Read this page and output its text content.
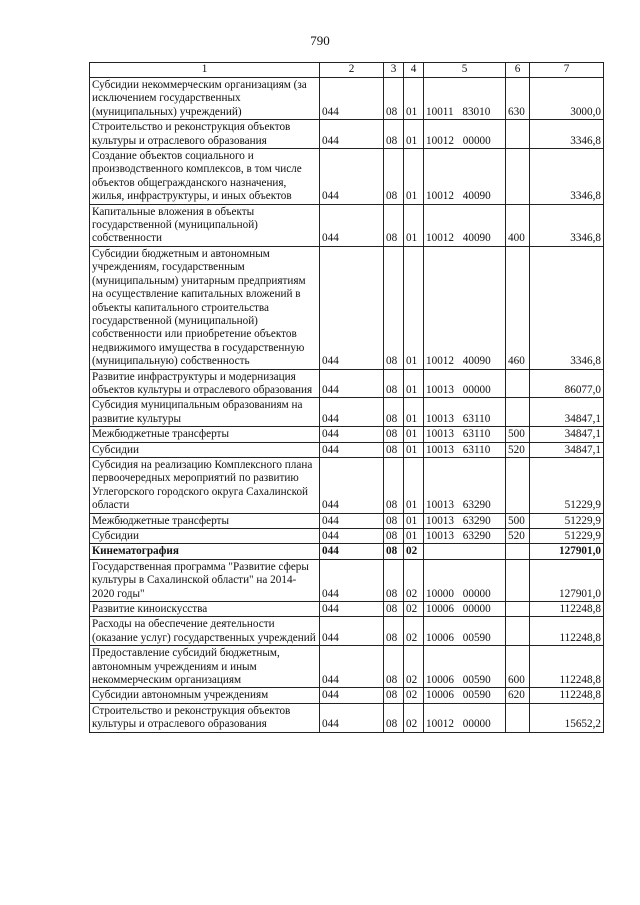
790
1	2	3	4	5	6	7
Субсидии некоммерческим организациям (за исключением государственных (муниципальных) учреждений)	044	08	01	10011 83010	630	3000,0
Строительство и реконструкция объектов культуры и отраслевого образования	044	08	01	10012 00000		3346,8
Создание объектов социального и производственного комплексов, в том числе объектов общегражданского назначения, жилья, инфраструктуры, и иных объектов	044	08	01	10012 40090		3346,8
Капитальные вложения в объекты государственной (муниципальной) собственности	044	08	01	10012 40090	400	3346,8
Субсидии бюджетным и автономным учреждениям, государственным (муниципальным) унитарным предприятиям на осуществление капитальных вложений в объекты капитального строительства государственной (муниципальной) собственности или приобретение объектов недвижимого имущества в государственную (муниципальную) собственность	044	08	01	10012 40090	460	3346,8
Развитие инфраструктуры и модернизация объектов культуры и отраслевого образования	044	08	01	10013 00000		86077,0
Субсидия муниципальным образованиям на развитие культуры	044	08	01	10013 63110		34847,1
Межбюджетные трансферты	044	08	01	10013 63110	500	34847,1
Субсидии	044	08	01	10013 63110	520	34847,1
Субсидия на реализацию Комплексного плана первоочередных мероприятий по развитию Углегорского городского округа Сахалинской области	044	08	01	10013 63290		51229,9
Межбюджетные трансферты	044	08	01	10013 63290	500	51229,9
Субсидии	044	08	01	10013 63290	520	51229,9
Кинематография	044	08	02			127901,0
Государственная программа "Развитие сферы культуры в Сахалинской области" на 2014-2020 годы"	044	08	02	10000 00000		127901,0
Развитие киноискусства	044	08	02	10006 00000		112248,8
Расходы на обеспечение деятельности (оказание услуг) государственных учреждений	044	08	02	10006 00590		112248,8
Предоставление субсидий бюджетным, автономным учреждениям и иным некоммерческим организациям	044	08	02	10006 00590	600	112248,8
Субсидии автономным учреждениям	044	08	02	10006 00590	620	112248,8
Строительство и реконструкция объектов культуры и отраслевого образования	044	08	02	10012 00000		15652,2
